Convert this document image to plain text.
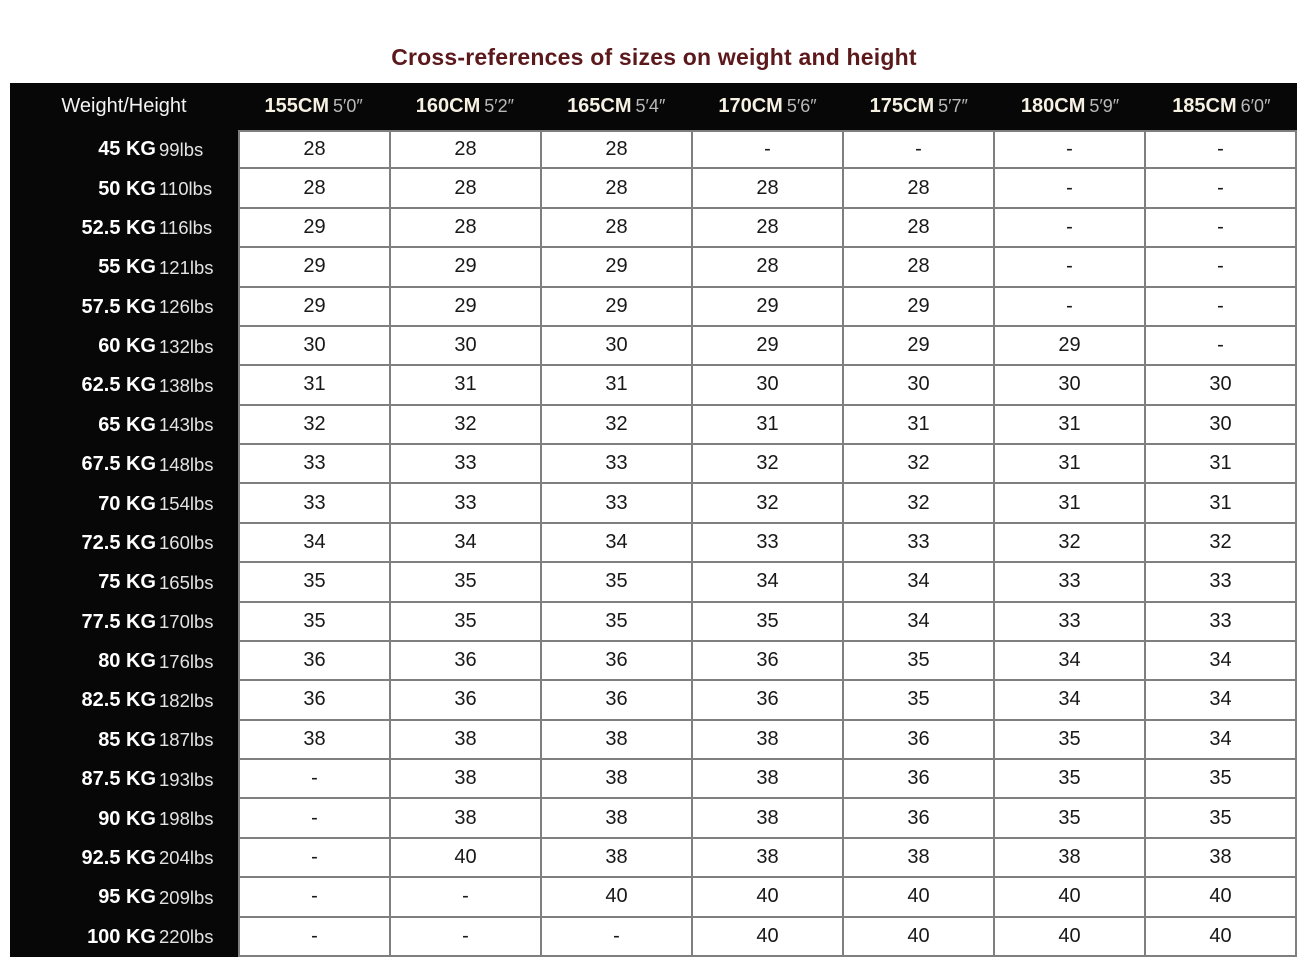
Cross-references of sizes on weight and height
Weight/Height	155CM 5′0″	160CM 5′2″	165CM 5′4″	170CM 5′6″	175CM 5′7″	180CM 5′9″	185CM 6′0″
45 KG 99lbs	28	28	28	-	-	-	-
50 KG 110lbs	28	28	28	28	28	-	-
52.5 KG 116lbs	29	28	28	28	28	-	-
55 KG 121lbs	29	29	29	28	28	-	-
57.5 KG 126lbs	29	29	29	29	29	-	-
60 KG 132lbs	30	30	30	29	29	29	-
62.5 KG 138lbs	31	31	31	30	30	30	30
65 KG 143lbs	32	32	32	31	31	31	30
67.5 KG 148lbs	33	33	33	32	32	31	31
70 KG 154lbs	33	33	33	32	32	31	31
72.5 KG 160lbs	34	34	34	33	33	32	32
75 KG 165lbs	35	35	35	34	34	33	33
77.5 KG 170lbs	35	35	35	35	34	33	33
80 KG 176lbs	36	36	36	36	35	34	34
82.5 KG 182lbs	36	36	36	36	35	34	34
85 KG 187lbs	38	38	38	38	36	35	34
87.5 KG 193lbs	-	38	38	38	36	35	35
90 KG 198lbs	-	38	38	38	36	35	35
92.5 KG 204lbs	-	40	38	38	38	38	38
95 KG 209lbs	-	-	40	40	40	40	40
100 KG 220lbs	-	-	-	40	40	40	40
